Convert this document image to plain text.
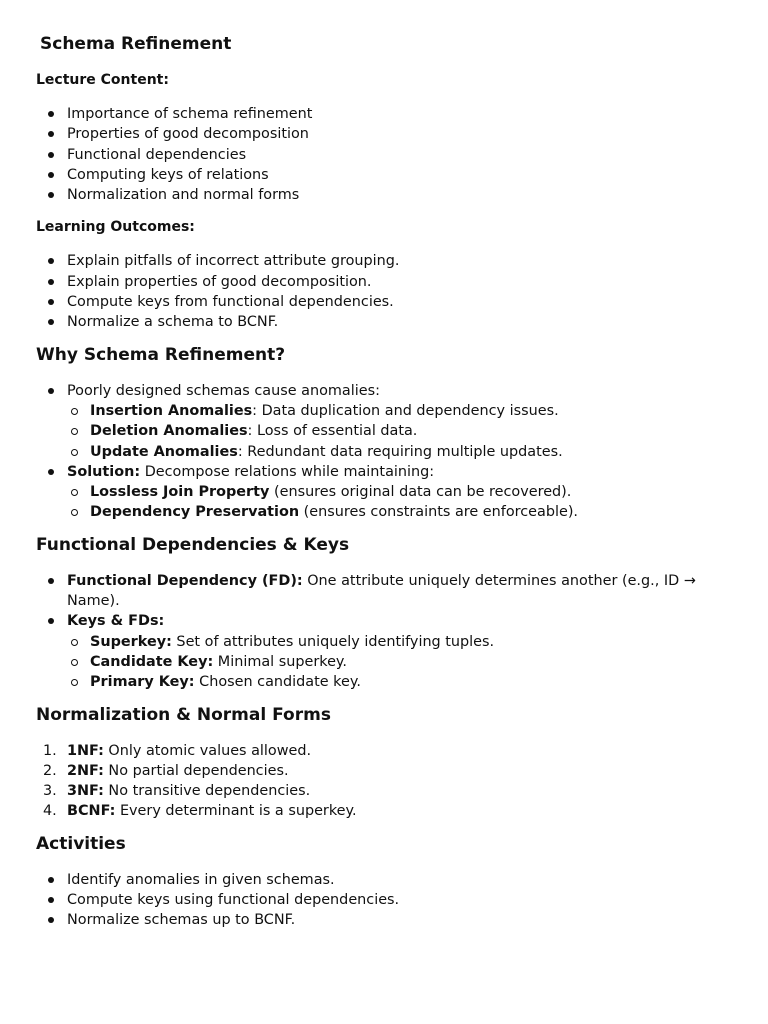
Schema Refinement

Lecture Content:

Importance of schema refinement
Properties of good decomposition
Functional dependencies
Computing keys of relations
Normalization and normal forms

Learning Outcomes:

Explain pitfalls of incorrect attribute grouping.
Explain properties of good decomposition.
Compute keys from functional dependencies.
Normalize a schema to BCNF.
Why Schema Refinement?
Poorly designed schemas cause anomalies:
Insertion Anomalies: Data duplication and dependency issues.
Deletion Anomalies: Loss of essential data.
Update Anomalies: Redundant data requiring multiple updates.
Solution: Decompose relations while maintaining:
Lossless Join Property (ensures original data can be recovered).
Dependency Preservation (ensures constraints are enforceable).
Functional Dependencies & Keys
Functional Dependency (FD): One attribute uniquely determines another (e.g., ID →
Name).
Keys & FDs:
Superkey: Set of attributes uniquely identifying tuples.
Candidate Key: Minimal superkey.
Primary Key: Chosen candidate key.
Normalization & Normal Forms
1. 1NF: Only atomic values allowed.
2. 2NF: No partial dependencies.
3. 3NF: No transitive dependencies.
4. BCNF: Every determinant is a superkey.
Activities
Identify anomalies in given schemas.
Compute keys using functional dependencies.
Normalize schemas up to BCNF.
